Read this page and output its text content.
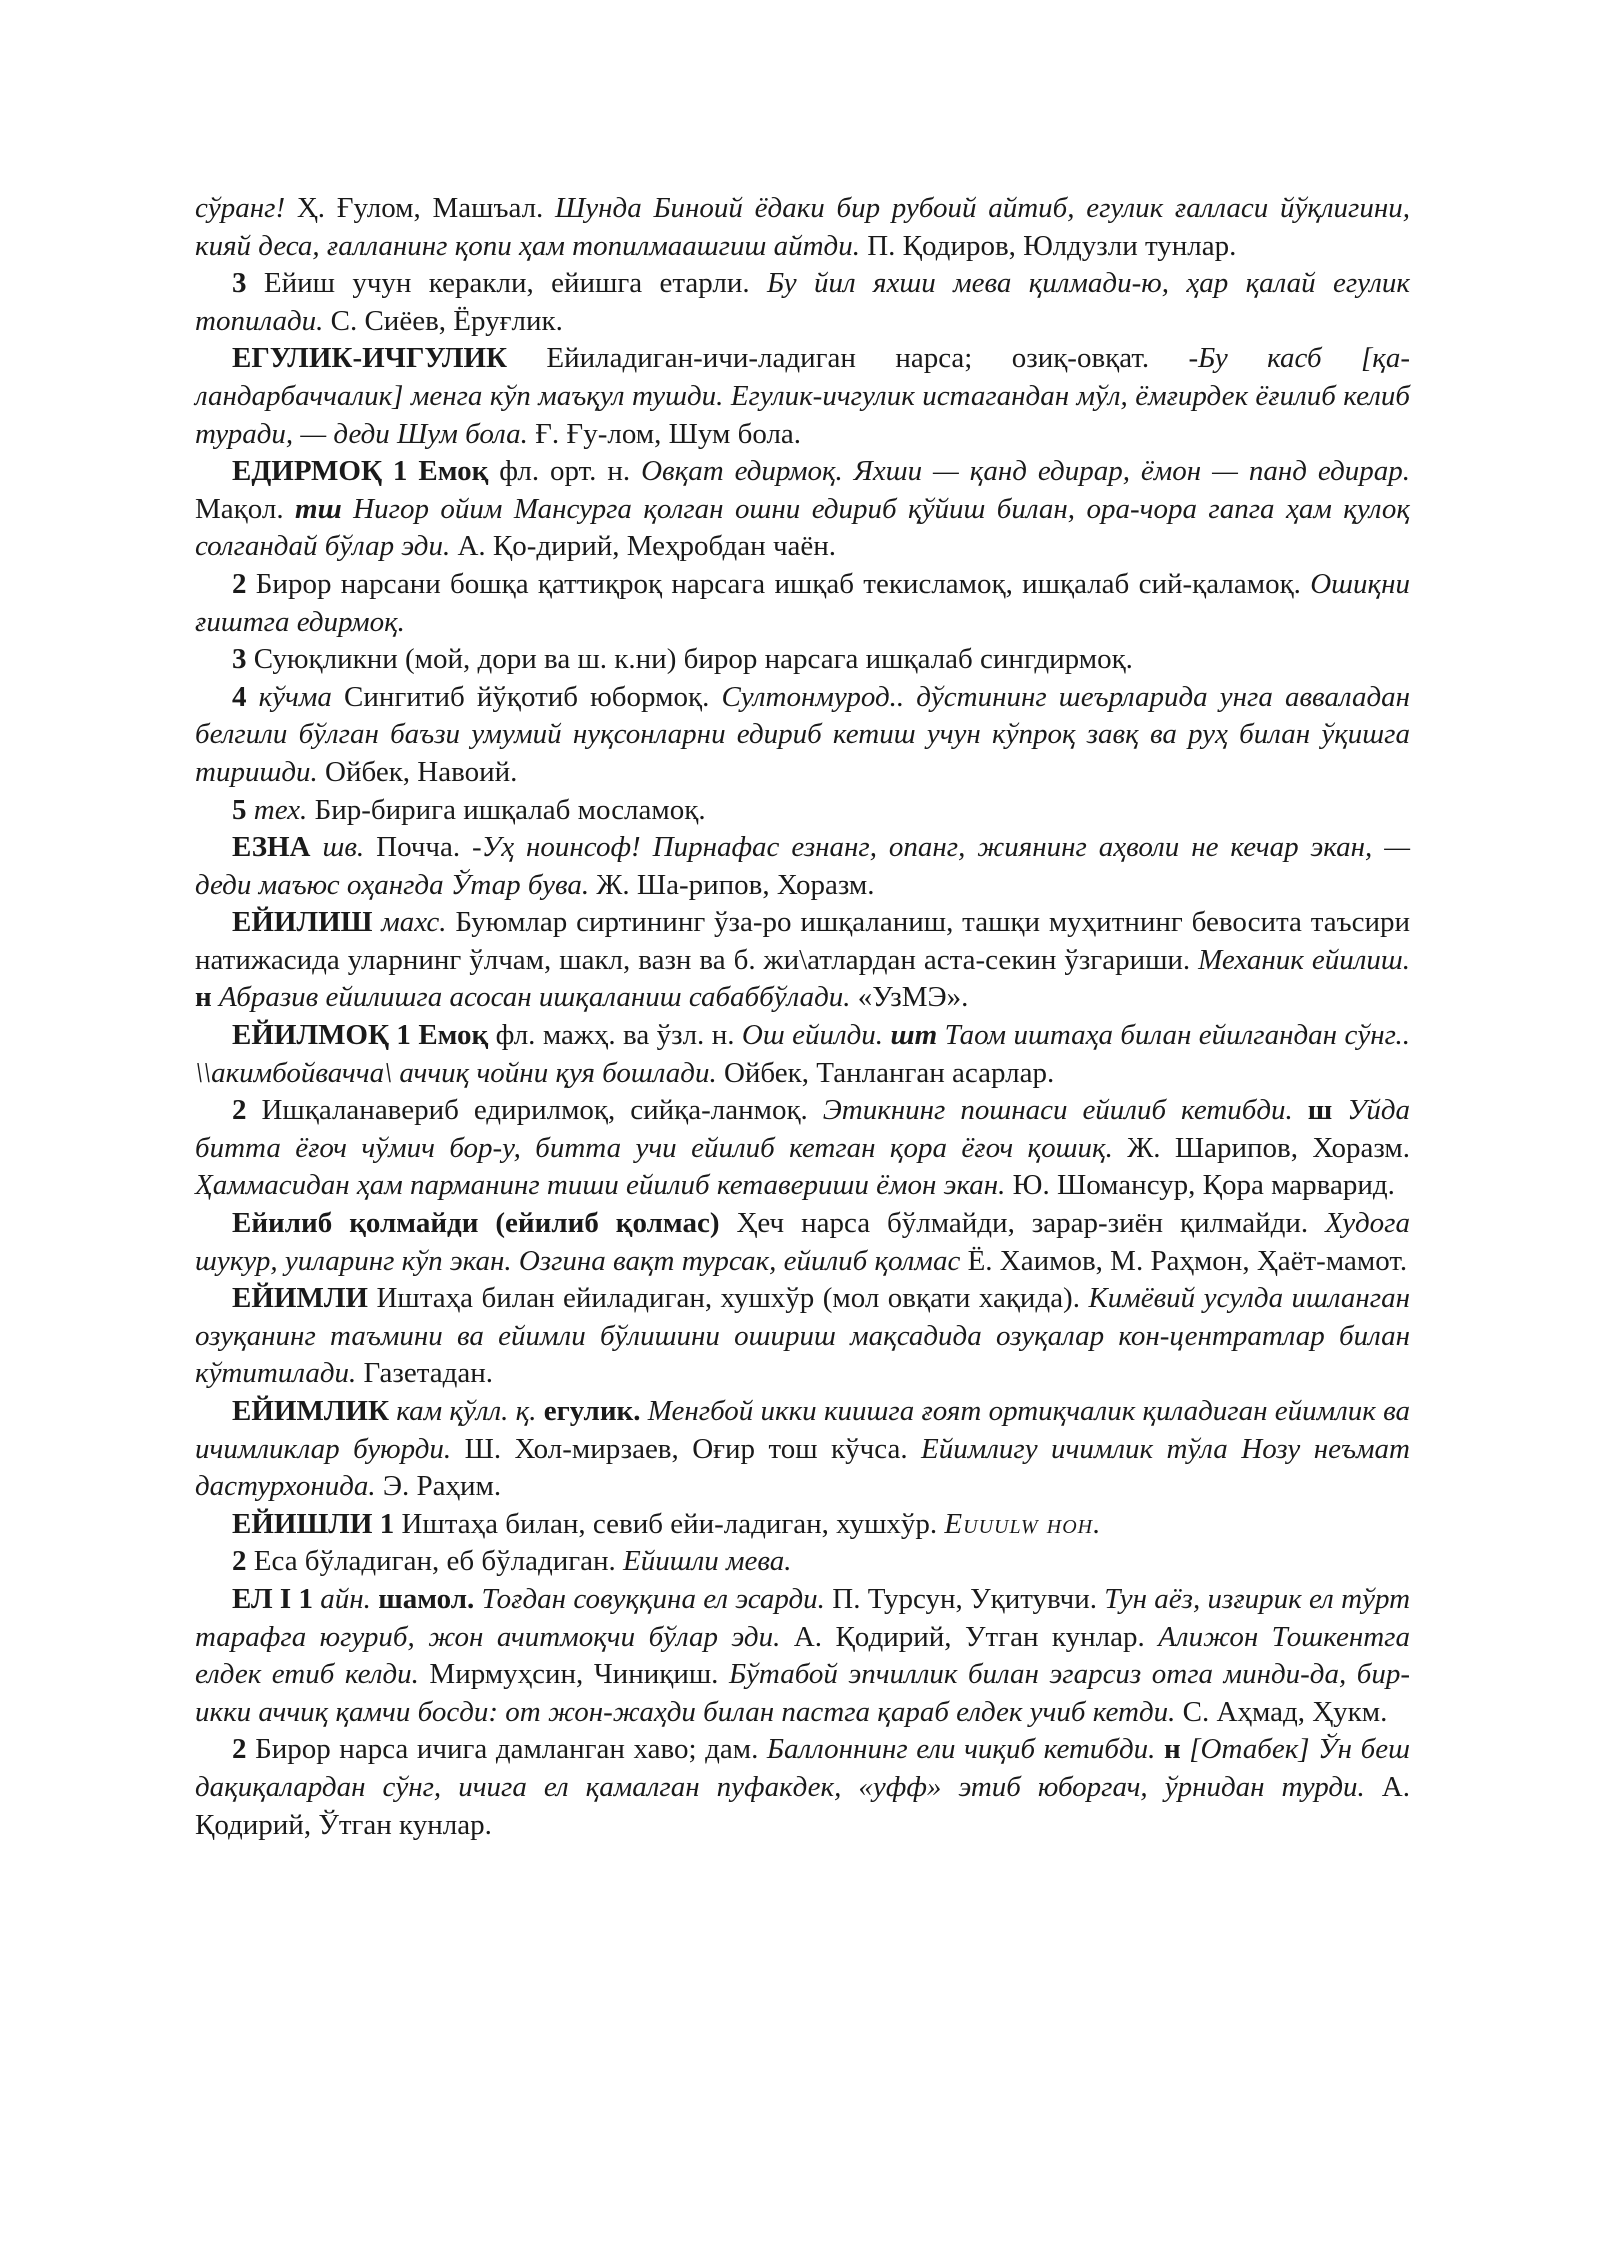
сўранг! Ҳ. Ғулом, Машъал. Шунда Биноий ёдаки бир рубоий айтиб, егулик ғалласи йўқлигини, кияй деса, ғалланинг қопи ҳам топилмаашгиш айтди. П. Қодиров, Юлдузли тунлар.

3 Ейиш учун керакли, ейишга етарли. Бу йил яхши мева қилмади-ю, ҳар қалай егулик топилади. С. Сиёев, Ёруғлик.

ЕГУЛИК-ИЧГУЛИК Ейиладиган-ичи-ладиган нарса; озиқ-овқат. -Бу касб [қа-ландарбаччалик] менга кўп маъқул тушди. Егулик-ичгулик истагандан мўл, ёмғирдек ёғилиб келиб туради, — деди Шум бола. Ғ. Ғу-лом, Шум бола.

ЕДИРМОҚ 1 Емоқ фл. орт. н. Овқат едирмоқ. Яхши — қанд едирар, ёмон — панд едирар. Мақол. тш Нигор ойим Мансурга қолган ошни едириб қўйиш билан, ора-чора гапга ҳам қулоқ солгандай бўлар эди. А. Қо-дирий, Меҳробдан чаён.

2 Бирор нарсани бошқа қаттиқроқ нарсага ишқаб текисламоқ, ишқалаб сий-қаламоқ. Ошиқни ғиштга едирмоқ.

3 Суюқликни (мой, дори ва ш. к.ни) бирор нарсага ишқалаб сингдирмоқ.

4 кўчма Сингитиб йўқотиб юбормоқ. Султонмурод.. дўстининг шеърларида унга авваладан белгили бўлган баъзи умумий нуқсонларни едириб кетиш учун кўпроқ завқ ва руҳ билан ўқишга тиришди. Ойбек, Навоий.

5 тех. Бир-бирига ишқалаб мосламоқ.

ЕЗНА шв. Почча. -Уҳ ноинсоф! Пирнафас езнанг, опанг, жиянинг аҳволи не кечар экан, — деди маъюс оҳангда Ўтар бува. Ж. Ша-рипов, Хоразм.

ЕЙИЛИШ махс. Буюмлар сиртининг ўза-ро ишқаланиш, ташқи муҳитнинг бевосита таъсири натижасида уларнинг ўлчам, шакл, вазн ва б. жи\атлардан аста-секин ўзгариши. Механик ейилиш. н Абразив ейилишга асосан ишқаланиш сабаббўлади. «УзМЭ».

ЕЙИЛМОҚ 1 Емоқ фл. мажҳ. ва ўзл. н. Ош ейилди. шт Таом иштаҳа билан ейилгандан сўнг.. \\акимбойвачча\ аччиқ чойни қуя бошлади. Ойбек, Танланган асарлар.

2 Ишқаланавериб едирилмоқ, сийқа-ланмоқ. Этикнинг пошнаси ейилиб кетибди. ш Уйда битта ёғоч чўмич бор-у, битта учи ейилиб кетган қора ёғоч қошиқ. Ж. Шарипов, Хоразм. Ҳаммасидан ҳам парманинг тиши ейилиб кетавериши ёмон экан. Ю. Шомансур, Қора марварид.

Ейилиб қолмайди (ейилиб қолмас) Ҳеч нарса бўлмайди, зарар-зиён қилмайди. Худога шукур, уиларинг кўп экан. Озгина вақт турсак, ейилиб қолмас Ё. Хаимов, М. Раҳмон, Ҳаёт-мамот.

ЕЙИМЛИ Иштаҳа билан ейиладиган, хушхўр (мол овқати хақида). Кимёвий усулда ишланган озуқанинг таъмини ва ейимли бўлишини ошириш мақсадида озуқалар кон-центратлар билан кўтитилади. Газетадан.

ЕЙИМЛИК кам қўлл. қ. егулик. Менгбой икки киишга ғоят ортиқчалик қиладиган ейимлик ва ичимликлар буюрди. Ш. Хол-мирзаев, Оғир тош кўчса. Ейимлигу ичимлик тўла Нозу неъмат дастурхонида. Э. Раҳим.

ЕЙИШЛИ 1 Иштаҳа билан, севиб ейи-ладиган, хушхўр. Euuulw hoh.

2 Еса бўладиган, еб бўладиган. Ейишли мева.

ЕЛ I 1 айн. шамол. Тоғдан совуққина ел эсарди. П. Турсун, Уқитувчи. Тун аёз, изғирик ел тўрт тарафга югуриб, жон ачитмоқчи бўлар эди. А. Қодирий, Утган кунлар. Алижон Тошкентга елдек етиб келди. Мирмуҳсин, Чиниқиш. Бўтабой эпчиллик билан эгарсиз отга минди-да, бир-икки аччиқ қамчи босди: от жон-жаҳди билан пастга қараб елдек учиб кетди. С. Аҳмад, Ҳукм.

2 Бирор нарса ичига дамланган хаво; дам. Баллоннинг ели чиқиб кетибди. н [Отабек] Ўн беш дақиқалардан сўнг, ичига ел қамалган пуфакдек, «уфф» этиб юборгач, ўрнидан турди. А. Қодирий, Ўтган кунлар.
